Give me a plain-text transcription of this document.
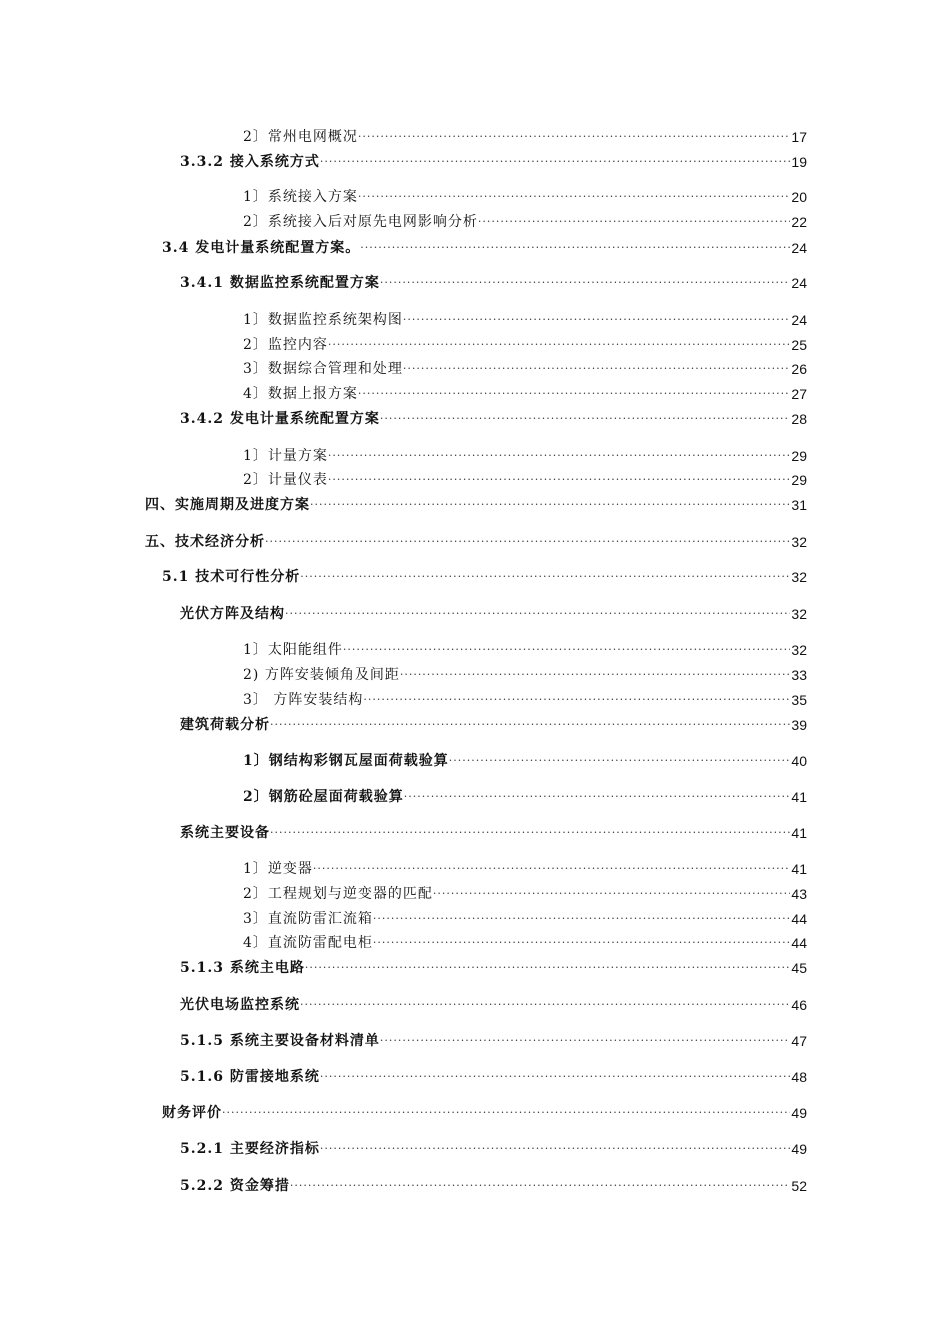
2〕常州电网概况 ·····	17
3.3.2 接入系统方式 ·····	19
1〕系统接入方案 ·····	20
2〕系统接入后对原先电网影响分析 ·····	22
3.4 发电计量系统配置方案。 ·····	24
3.4.1 数据监控系统配置方案 ·····	24
1〕数据监控系统架构图 ·····	24
2〕监控内容 ·····	25
3〕数据综合管理和处理 ·····	26
4〕数据上报方案 ·····	27
3.4.2 发电计量系统配置方案 ·····	28
1〕计量方案 ·····	29
2〕计量仪表 ·····	29
四、实施周期及进度方案 ·····	31
五、技术经济分析 ·····	32
5.1 技术可行性分析 ·····	32
光伏方阵及结构 ·····	32
1〕太阳能组件 ·····	32
2) 方阵安装倾角及间距 ·····	33
3〕 方阵安装结构 ·····	35
建筑荷载分析 ·····	39
1〕钢结构彩钢瓦屋面荷载验算 ·····	40
2〕钢筋砼屋面荷载验算 ·····	41
系统主要设备 ·····	41
1〕逆变器 ·····	41
2〕工程规划与逆变器的匹配 ·····	43
3〕直流防雷汇流箱 ·····	44
4〕直流防雷配电柜 ·····	44
5.1.3 系统主电路 ·····	45
光伏电场监控系统 ·····	46
5.1.5 系统主要设备材料清单 ·····	47
5.1.6 防雷接地系统 ·····	48
财务评价 ·····	49
5.2.1 主要经济指标 ·····	49
5.2.2 资金筹措 ·····	52
